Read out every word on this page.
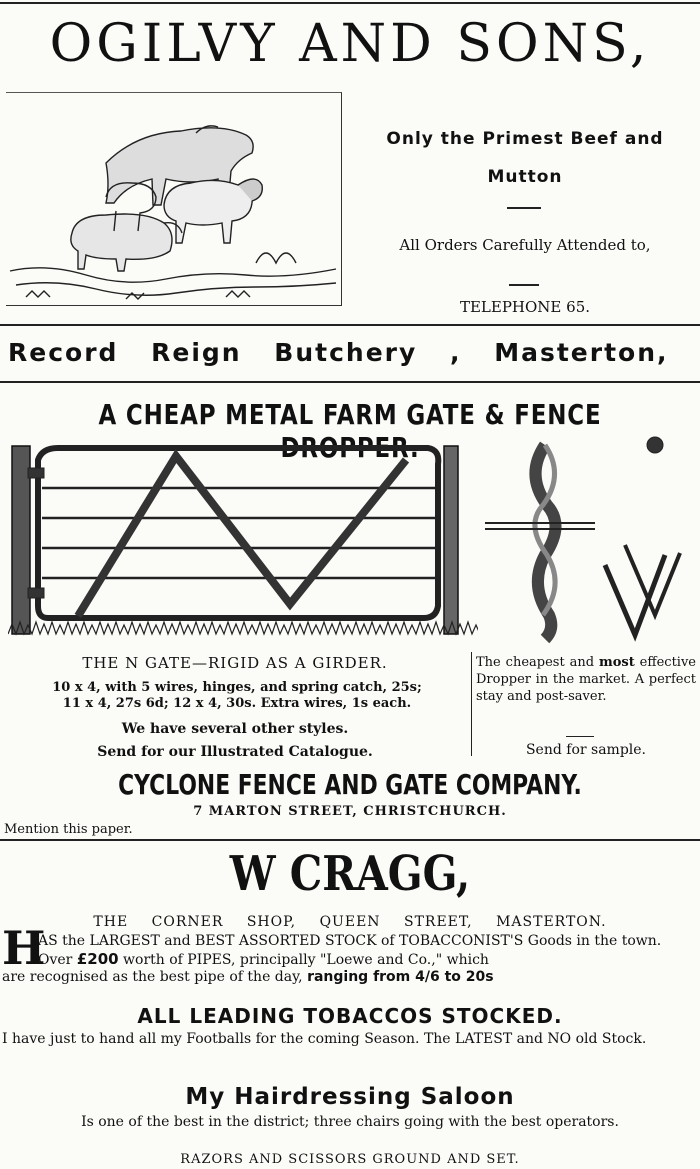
OGILVY AND SONS,
Only the Primest Beef and
Mutton
All Orders Carefully Attended to,
TELEPHONE 65.
Record Reign Butchery , Masterton,
A CHEAP METAL FARM GATE & FENCE DROPPER.
THE N GATE—RIGID AS A GIRDER.
10 x 4, with 5 wires, hinges, and spring catch, 25s;
11 x 4, 27s 6d; 12 x 4, 30s. Extra wires, 1s each.
We have several other styles.
Send for our Illustrated Catalogue.
The cheapest and most effective Dropper in the market. A perfect stay and post-saver.
Send for sample.
CYCLONE FENCE AND GATE COMPANY.
7 MARTON STREET, CHRISTCHURCH.
Mention this paper.
W CRAGG,
THE CORNER SHOP, QUEEN STREET, MASTERTON.
H
AS the LARGEST and BEST ASSORTED STOCK of TOBACCONIST'S Goods in the town. Over £200 worth of PIPES, principally "Loewe and Co.," which
are recognised as the best pipe of the day, ranging from 4/6 to 20s
ALL LEADING TOBACCOS STOCKED.
I have just to hand all my Footballs for the coming Season. The LATEST and NO old Stock.
My Hairdressing Saloon
Is one of the best in the district; three chairs going with the best operators.
RAZORS AND SCISSORS GROUND AND SET.
